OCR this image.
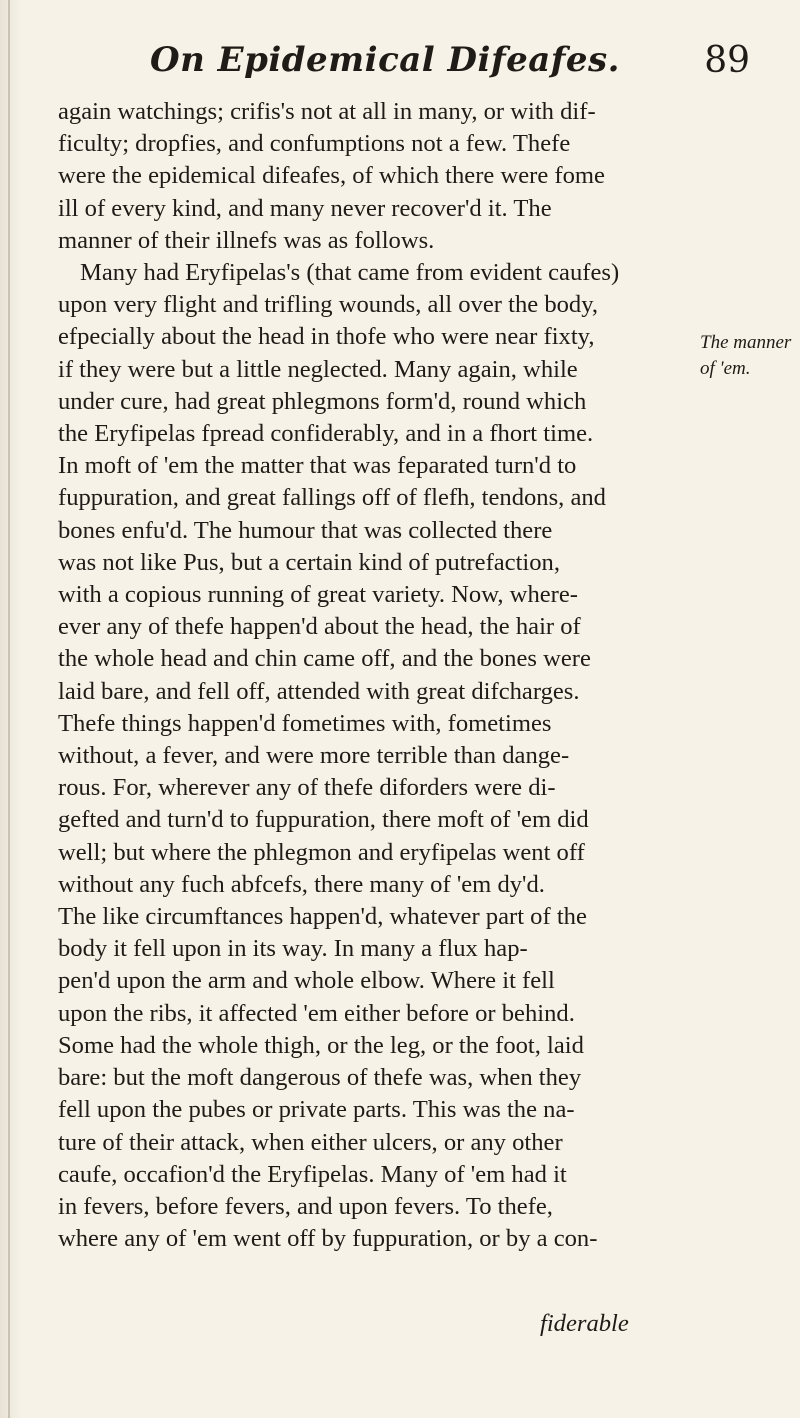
On Epidemical Difeafes. 89
The manner
of 'em.
again watchings; crifis's not at all in many, or with dif-
ficulty; dropfies, and confumptions not a few. Thefe
were the epidemical difeafes, of which there were fome
ill of every kind, and many never recover'd it. The
manner of their illnefs was as follows.
Many had Eryfipelas's (that came from evident caufes)
upon very flight and trifling wounds, all over the body,
efpecially about the head in thofe who were near fixty,
if they were but a little neglected. Many again, while
under cure, had great phlegmons form'd, round which
the Eryfipelas fpread confiderably, and in a fhort time.
In moft of 'em the matter that was feparated turn'd to
fuppuration, and great fallings off of flefh, tendons, and
bones enfu'd. The humour that was collected there
was not like Pus, but a certain kind of putrefaction,
with a copious running of great variety. Now, where-
ever any of thefe happen'd about the head, the hair of
the whole head and chin came off, and the bones were
laid bare, and fell off, attended with great difcharges.
Thefe things happen'd fometimes with, fometimes
without, a fever, and were more terrible than dange-
rous. For, wherever any of thefe diforders were di-
gefted and turn'd to fuppuration, there moft of 'em did
well; but where the phlegmon and eryfipelas went off
without any fuch abfcefs, there many of 'em dy'd.
The like circumftances happen'd, whatever part of the
body it fell upon in its way. In many a flux hap-
pen'd upon the arm and whole elbow. Where it fell
upon the ribs, it affected 'em either before or behind.
Some had the whole thigh, or the leg, or the foot, laid
bare: but the moft dangerous of thefe was, when they
fell upon the pubes or private parts. This was the na-
ture of their attack, when either ulcers, or any other
caufe, occafion'd the Eryfipelas. Many of 'em had it
in fevers, before fevers, and upon fevers. To thefe,
where any of 'em went off by fuppuration, or by a con-
fiderable
